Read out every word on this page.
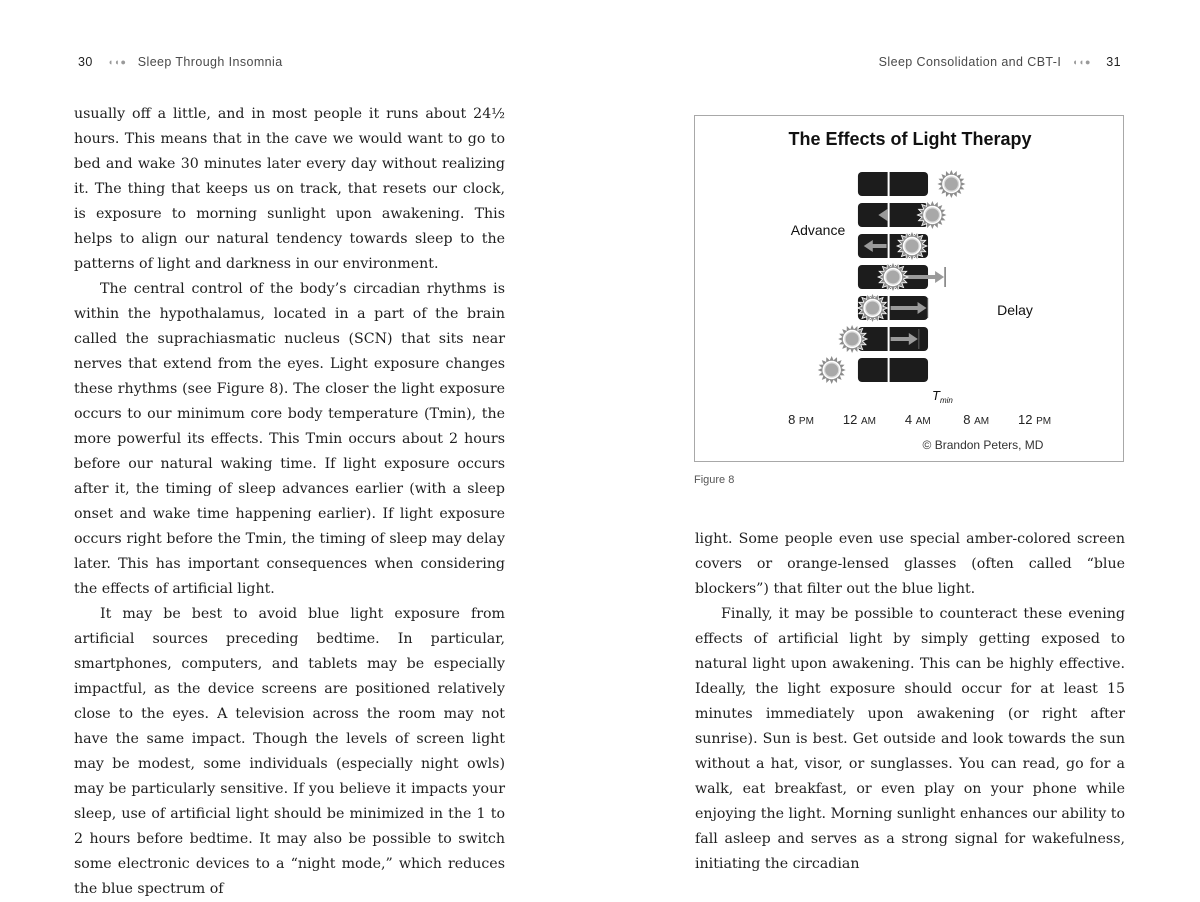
30 ◖◖● Sleep Through Insomnia	Sleep Consolidation and CBT-I ◖◖● 31

usually off a little, and in most people it runs about 24½ hours. This means that in the cave we would want to go to bed and wake 30 minutes later every day without realizing it. The thing that keeps us on track, that resets our clock, is exposure to morning sunlight upon awakening. This helps to align our natural tendency towards sleep to the patterns of light and darkness in our environment.

The central control of the body’s circadian rhythms is within the hypothalamus, located in a part of the brain called the suprachiasmatic nucleus (SCN) that sits near nerves that extend from the eyes. Light exposure changes these rhythms (see Figure 8). The closer the light exposure occurs to our minimum core body temperature (Tmin), the more powerful its effects. This Tmin occurs about 2 hours before our natural waking time. If light exposure occurs after it, the timing of sleep advances earlier (with a sleep onset and wake time happening earlier). If light exposure occurs right before the Tmin, the timing of sleep may delay later. This has important consequences when considering the effects of artificial light.

It may be best to avoid blue light exposure from artificial sources preceding bedtime. In particular, smartphones, computers, and tablets may be especially impactful, as the device screens are positioned relatively close to the eyes. A television across the room may not have the same impact. Though the levels of screen light may be modest, some individuals (especially night owls) may be particularly sensitive. If you believe it impacts your sleep, use of artificial light should be minimized in the 1 to 2 hours before bedtime. It may also be possible to switch some electronic devices to a “night mode,” which reduces the blue spectrum of

The Effects of Light Therapy
Advance
Delay
$T_{min}$
8 PM 12 AM 4 AM	8 AM 12 PM
© Brandon Peters, MD
Figure 8

light. Some people even use special amber-colored screen covers or orange-lensed glasses (often called “blue blockers”) that filter out the blue light.

Finally, it may be possible to counteract these evening effects of artificial light by simply getting exposed to natural light upon awakening. This can be highly effective. Ideally, the light exposure should occur for at least 15 minutes immediately upon awakening (or right after sunrise). Sun is best. Get outside and look towards the sun without a hat, visor, or sunglasses. You can read, go for a walk, eat breakfast, or even play on your phone while enjoying the light. Morning sunlight enhances our ability to fall asleep and serves as a strong signal for wakefulness, initiating the circadian
